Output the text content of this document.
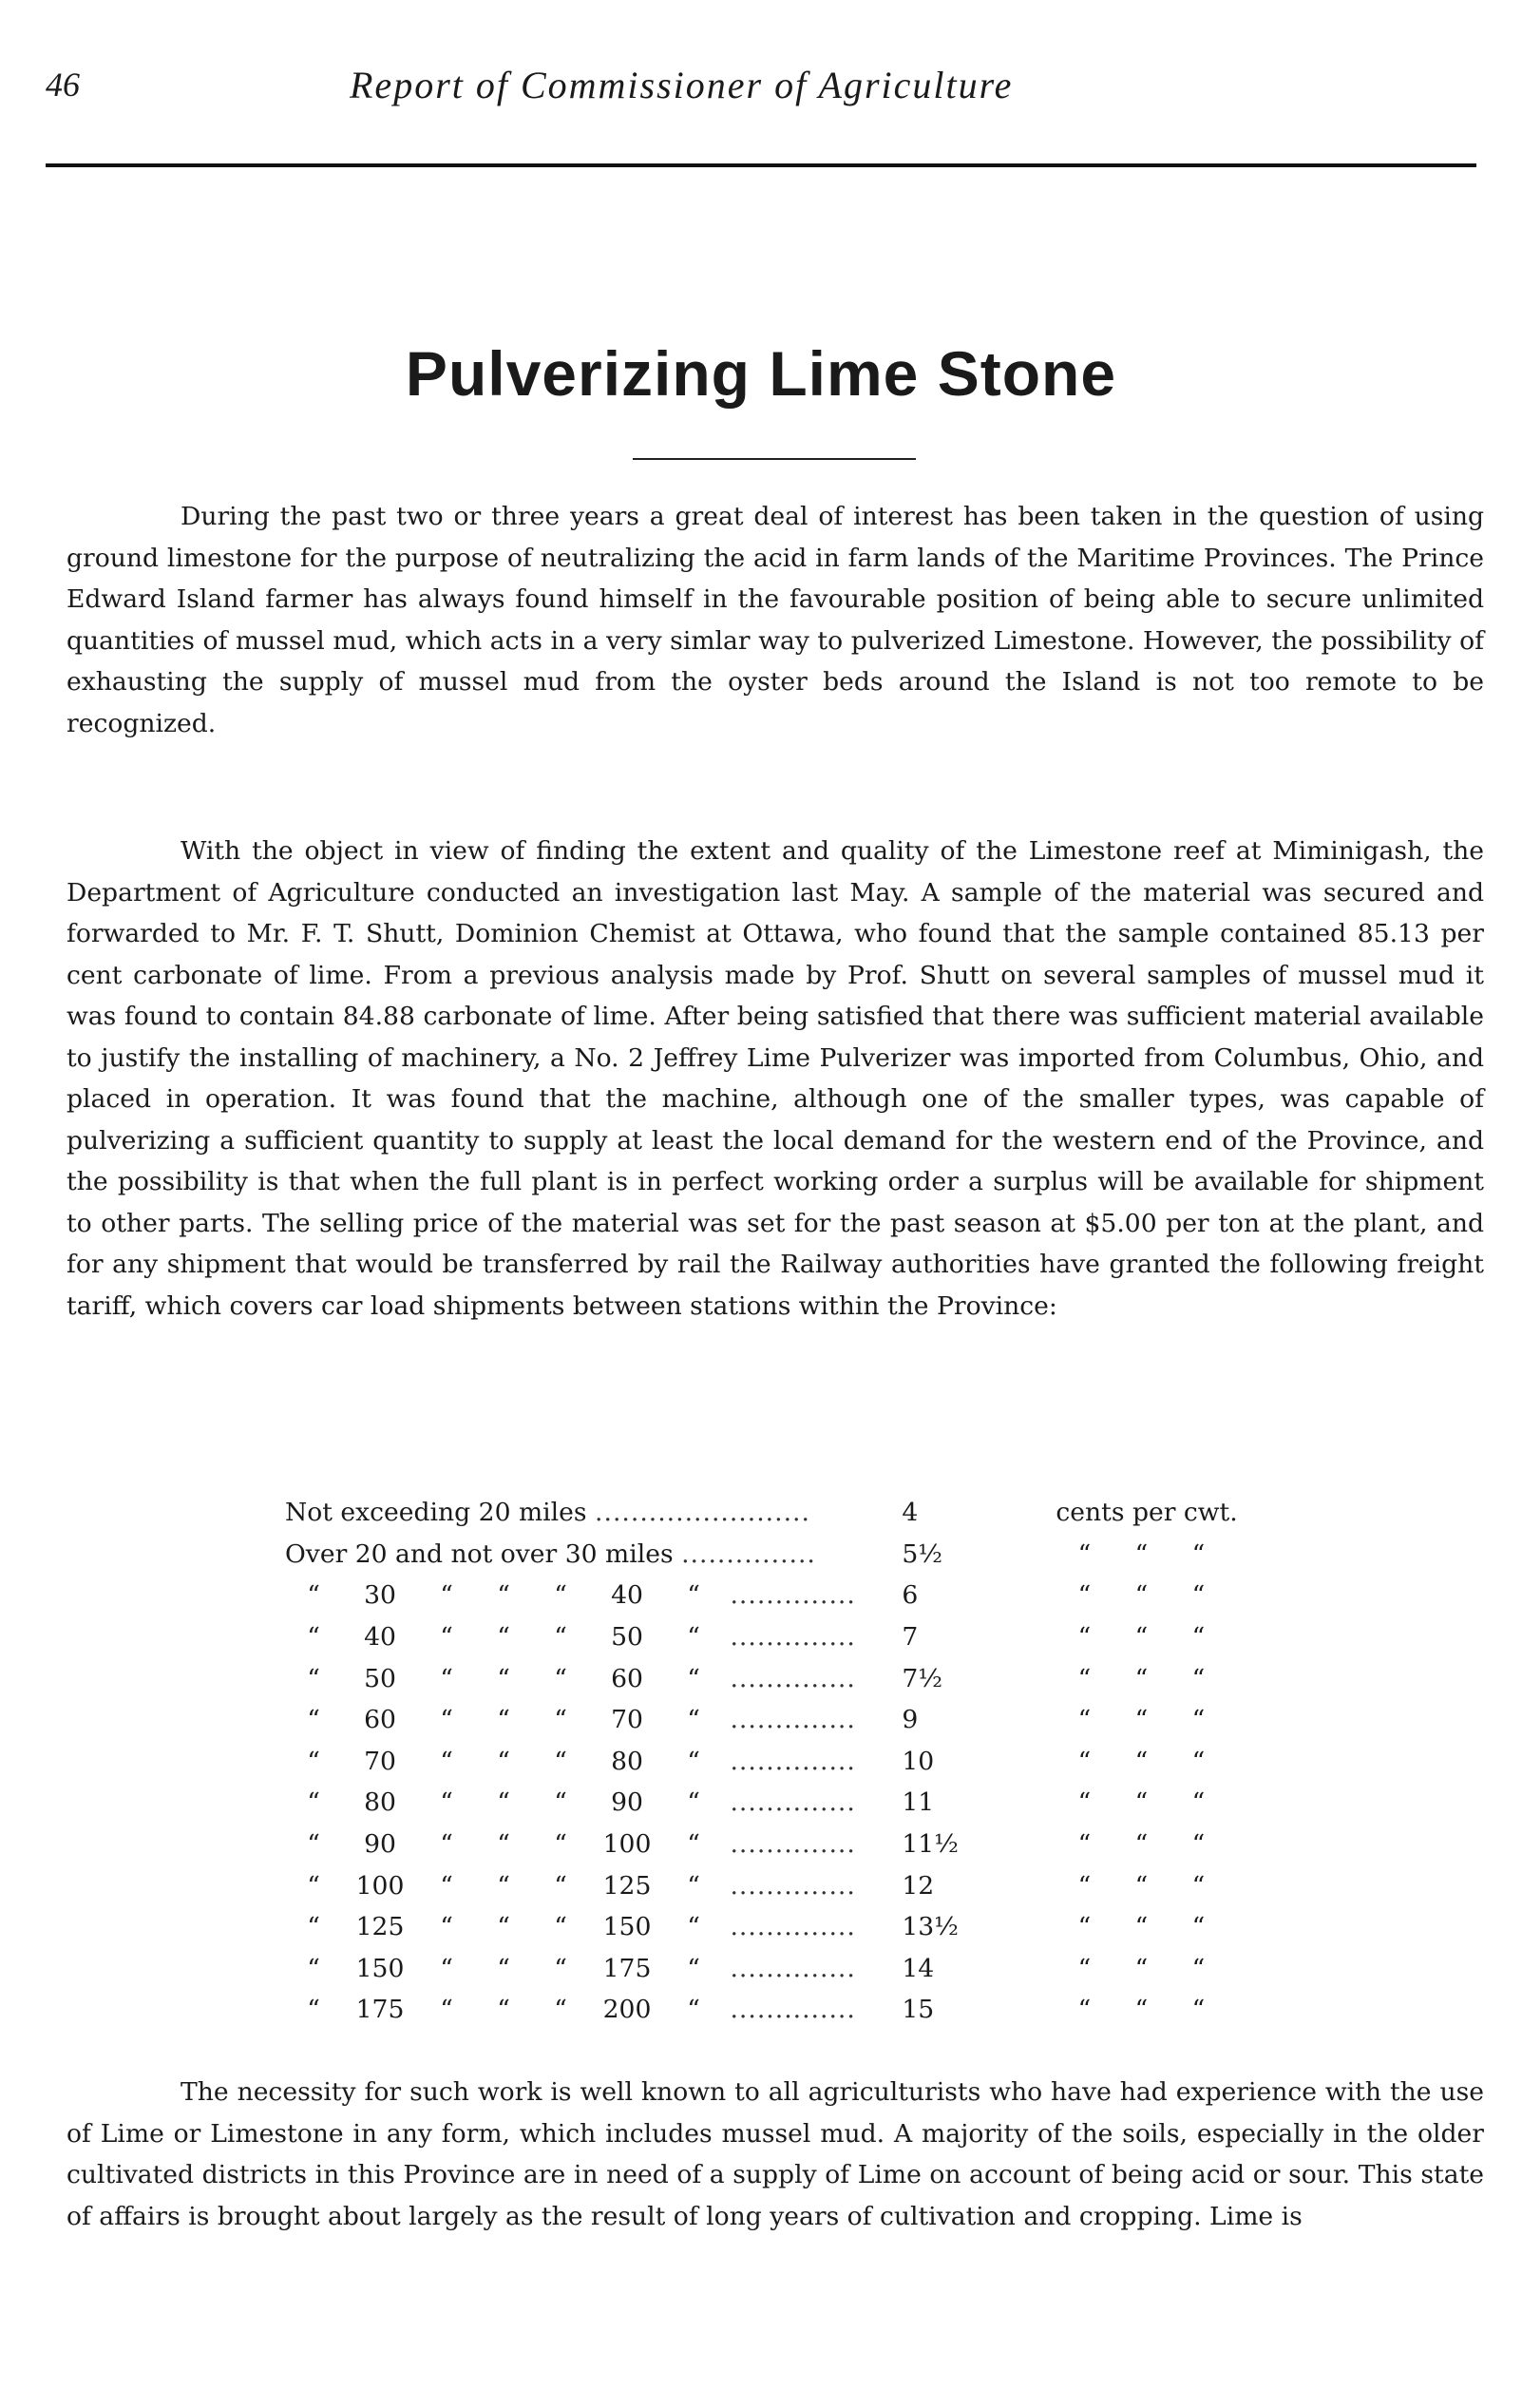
46	Report of Commissioner of Agriculture
Pulverizing Lime Stone

During the past two or three years a great deal of interest has been taken in the question of using ground limestone for the purpose of neutralizing the acid in farm lands of the Maritime Provinces. The Prince Edward Island farmer has always found himself in the favourable position of being able to secure unlimited quantities of mussel mud, which acts in a very simlar way to pulverized Limestone. However, the possibility of exhausting the supply of mussel mud from the oyster beds around the Island is not too remote to be recognized.

With the object in view of finding the extent and quality of the Limestone reef at Miminigash, the Department of Agriculture conducted an investigation last May. A sample of the material was secured and forwarded to Mr. F. T. Shutt, Dominion Chemist at Ottawa, who found that the sample contained 85.13 per cent carbonate of lime. From a previous analysis made by Prof. Shutt on several samples of mussel mud it was found to contain 84.88 carbonate of lime. After being satisfied that there was sufficient material available to justify the installing of machinery, a No. 2 Jeffrey Lime Pulverizer was imported from Columbus, Ohio, and placed in operation. It was found that the machine, although one of the smaller types, was capable of pulverizing a sufficient quantity to supply at least the local demand for the western end of the Province, and the possibility is that when the full plant is in perfect working order a surplus will be available for shipment to other parts. The selling price of the material was set for the past season at $5.00 per ton at the plant, and for any shipment that would be transferred by rail the Railway authorities have granted the following freight tariff, which covers car load shipments between stations within the Province:

Not exceeding 20 miles ........................	4	cents per cwt.
Over 20 and not over 30 miles ...............	5½	“ “ “
“ 30 “ “ “ 40 “ ..............	6	“ “ “
“ 40 “ “ “ 50 “ ..............	7	“ “ “
“ 50 “ “ “ 60 “ ..............	7½	“ “ “
“ 60 “ “ “ 70 “ ..............	9	“ “ “
“ 70 “ “ “ 80 “ ..............	10	“ “ “
“ 80 “ “ “ 90 “ ..............	11	“ “ “
“ 90 “ “ “ 100 “ ..............	11½	“ “ “
“ 100 “ “ “ 125 “ ..............	12	“ “ “
“ 125 “ “ “ 150 “ ..............	13½	“ “ “
“ 150 “ “ “ 175 “ ..............	14	“ “ “
“ 175 “ “ “ 200 “ ..............	15	“ “ “

The necessity for such work is well known to all agriculturists who have had experience with the use of Lime or Limestone in any form, which includes mussel mud. A majority of the soils, especially in the older cultivated districts in this Province are in need of a supply of Lime on account of being acid or sour. This state of affairs is brought about largely as the result of long years of cultivation and cropping. Lime is
